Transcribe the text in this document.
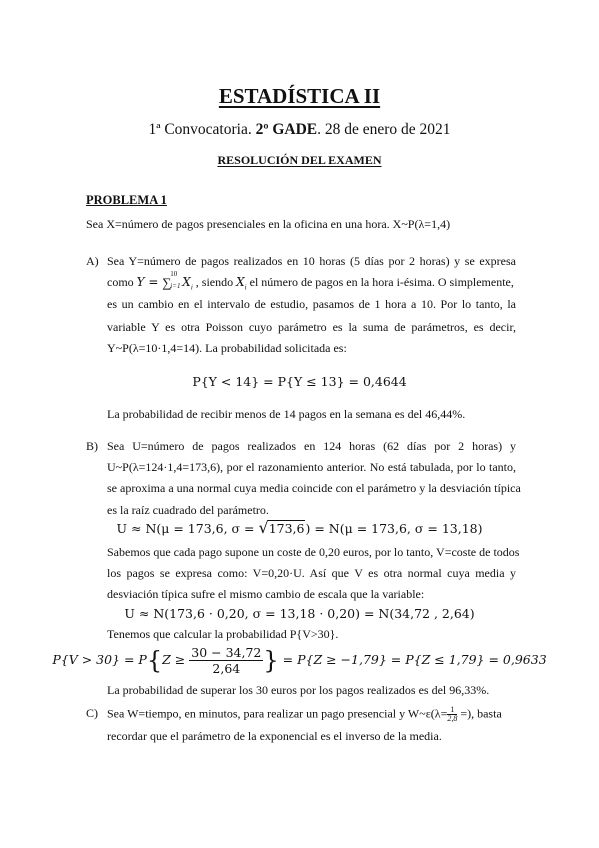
ESTADÍSTICA II
1ª Convocatoria. 2º GADE. 28 de enero de 2021
RESOLUCIÓN DEL EXAMEN
PROBLEMA 1
Sea X=número de pagos presenciales en la oficina en una hora. X~P(λ=1,4)
A) Sea Y=número de pagos realizados en 10 horas (5 días por 2 horas) y se expresa
como Y = ∑
10
i=1 $X_i$ , siendo $X_i$ el número de pagos en la hora i-ésima. O simplemente,
es un cambio en el intervalo de estudio, pasamos de 1 hora a 10. Por lo tanto, la
variable Y es otra Poisson cuyo parámetro es la suma de parámetros, es decir,
Y~P(λ=10·1,4=14). La probabilidad solicitada es:
P{Y < 14} = P{Y ≤ 13} = 0,4644
La probabilidad de recibir menos de 14 pagos en la semana es del 46,44%.
B) Sea U=número de pagos realizados en 124 horas (62 días por 2 horas) y
U~P(λ=124·1,4=173,6), por el razonamiento anterior. No está tabulada, por lo tanto,
se aproxima a una normal cuya media coincide con el parámetro y la desviación típica
es la raíz cuadrado del parámetro.
U ≈ N(μ = 173,6, σ = √173,6) = N(μ = 173,6, σ = 13,18)
Sabemos que cada pago supone un coste de 0,20 euros, por lo tanto, V=coste de todos
los pagos se expresa como: V=0,20·U. Así que V es otra normal cuya media y
desviación típica sufre el mismo cambio de escala que la variable:
U ≈ N(173,6 · 0,20, σ = 13,18 · 0,20) = N(34,72 , 2,64)
Tenemos que calcular la probabilidad P{V>30}.
$P\{V > 30\} = P\{Z \ge \frac{30 - 34,72}{2,64}$ } = P{Z ≥ −1,79} = P{Z ≤ 1,79} = 0,9633
La probabilidad de superar los 30 euros por los pagos realizados es del 96,33%.
C) Sea W=tiempo, en minutos, para realizar un pago presencial y W~ε(λ= $\frac{1}{2,8}$ =), basta
recordar que el parámetro de la exponencial es el inverso de la media.
